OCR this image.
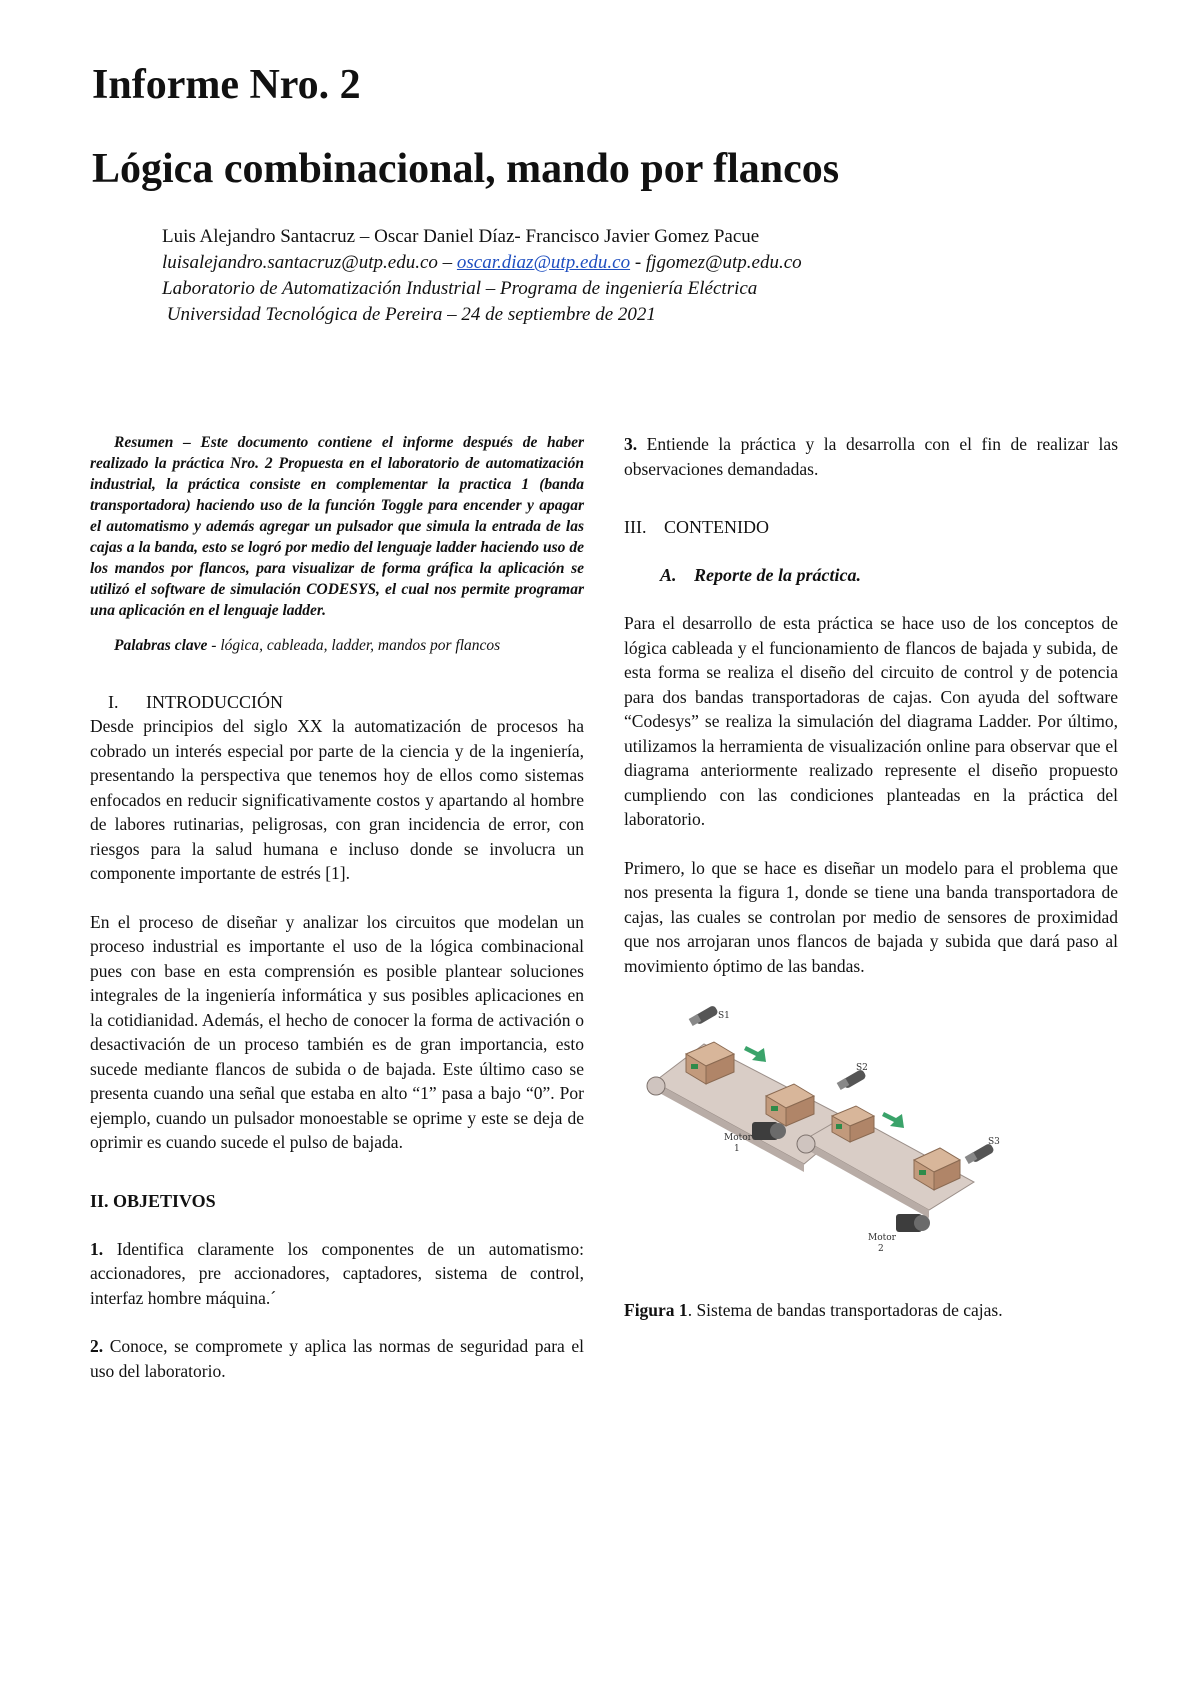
Informe Nro. 2
Lógica combinacional, mando por flancos
Luis Alejandro Santacruz – Oscar Daniel Díaz- Francisco Javier Gomez Pacue
luisalejandro.santacruz@utp.edu.co – oscar.diaz@utp.edu.co - fjgomez@utp.edu.co
Laboratorio de Automatización Industrial – Programa de ingeniería Eléctrica
Universidad Tecnológica de Pereira – 24 de septiembre de 2021

Resumen – Este documento contiene el informe después de haber realizado la práctica Nro. 2 Propuesta en el laboratorio de automatización industrial, la práctica consiste en complementar la practica 1 (banda transportadora) haciendo uso de la función Toggle para encender y apagar el automatismo y además agregar un pulsador que simula la entrada de las cajas a la banda, esto se logró por medio del lenguaje ladder haciendo uso de los mandos por flancos, para visualizar de forma gráfica la aplicación se utilizó el software de simulación CODESYS, el cual nos permite programar una aplicación en el lenguaje ladder.

Palabras clave - lógica, cableada, ladder, mandos por flancos

I. INTRODUCCIÓN

Desde principios del siglo XX la automatización de procesos ha cobrado un interés especial por parte de la ciencia y de la ingeniería, presentando la perspectiva que tenemos hoy de ellos como sistemas enfocados en reducir significativamente costos y apartando al hombre de labores rutinarias, peligrosas, con gran incidencia de error, con riesgos para la salud humana e incluso donde se involucra un componente importante de estrés [1].

En el proceso de diseñar y analizar los circuitos que modelan un proceso industrial es importante el uso de la lógica combinacional pues con base en esta comprensión es posible plantear soluciones integrales de la ingeniería informática y sus posibles aplicaciones en la cotidianidad. Además, el hecho de conocer la forma de activación o desactivación de un proceso también es de gran importancia, esto sucede mediante flancos de subida o de bajada. Este último caso se presenta cuando una señal que estaba en alto “1” pasa a bajo “0”. Por ejemplo, cuando un pulsador monoestable se oprime y este se deja de oprimir es cuando sucede el pulso de bajada.

II. OBJETIVOS

1. Identifica claramente los componentes de un automatismo: accionadores, pre accionadores, captadores, sistema de control, interfaz hombre máquina.´

2. Conoce, se compromete y aplica las normas de seguridad para el uso del laboratorio.

3. Entiende la práctica y la desarrolla con el fin de realizar las observaciones demandadas.

III. CONTENIDO
A. Reporte de la práctica.

Para el desarrollo de esta práctica se hace uso de los conceptos de lógica cableada y el funcionamiento de flancos de bajada y subida, de esta forma se realiza el diseño del circuito de control y de potencia para dos bandas transportadoras de cajas. Con ayuda del software “Codesys” se realiza la simulación del diagrama Ladder. Por último, utilizamos la herramienta de visualización online para observar que el diagrama anteriormente realizado represente el diseño propuesto cumpliendo con las condiciones planteadas en la práctica del laboratorio.

Primero, lo que se hace es diseñar un modelo para el problema que nos presenta la figura 1, donde se tiene una banda transportadora de cajas, las cuales se controlan por medio de sensores de proximidad que nos arrojaran unos flancos de bajada y subida que dará paso al movimiento óptimo de las bandas.

S1
S2
S3
Motor
1
Motor
2

Figura 1. Sistema de bandas transportadoras de cajas.
